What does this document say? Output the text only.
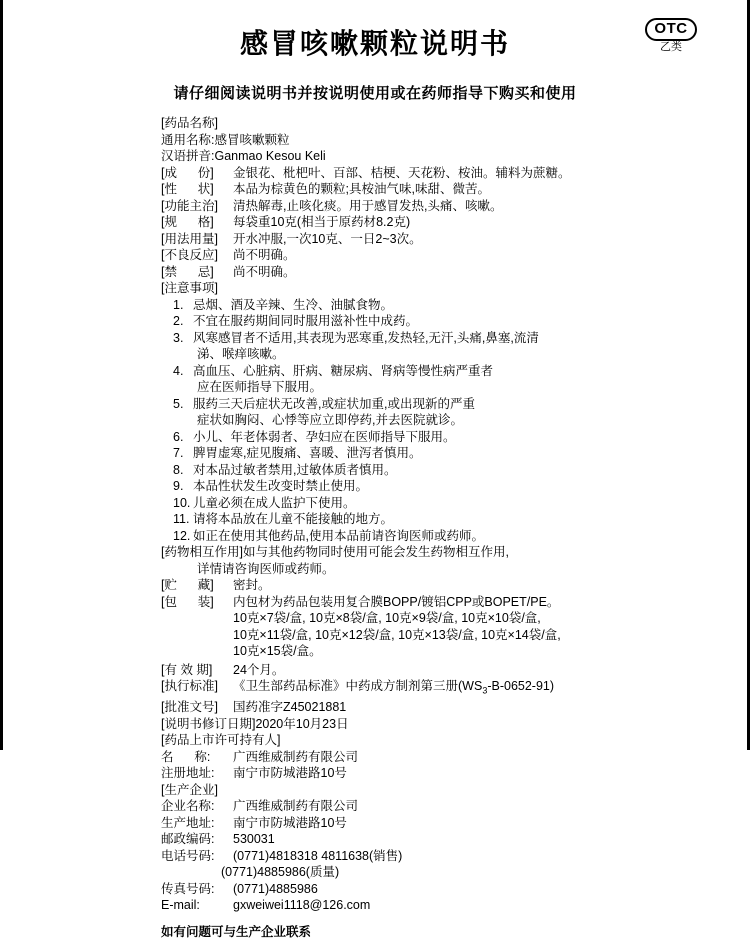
OTC
乙类
感冒咳嗽颗粒说明书
请仔细阅读说明书并按说明使用或在药师指导下购买和使用
[药品名称]
通用名称: 感冒咳嗽颗粒
汉语拼音: Ganmao Kesou Keli
[成      份]	金银花、枇杷叶、百部、桔梗、天花粉、桉油。辅料为蔗糖。
[性      状]	本品为棕黄色的颗粒;具桉油气味,味甜、微苦。
[功能主治]	清热解毒,止咳化痰。用于感冒发热,头痛、咳嗽。
[规      格]	每袋重10克(相当于原药材8.2克)
[用法用量]	开水冲服,一次10克、一日2~3次。
[不良反应]	尚不明确。
[禁      忌]	尚不明确。
[注意事项]
1. 忌烟、酒及辛辣、生冷、油腻食物。
2. 不宜在服药期间同时服用滋补性中成药。
3. 风寒感冒者不适用,其表现为恶寒重,发热轻,无汗,头痛,鼻塞,流清
涕、喉痒咳嗽。
4. 高血压、心脏病、肝病、糖尿病、肾病等慢性病严重者
应在医师指导下服用。
5. 服药三天后症状无改善,或症状加重,或出现新的严重
症状如胸闷、心悸等应立即停药,并去医院就诊。
6. 小儿、年老体弱者、孕妇应在医师指导下服用。
7. 脾胃虚寒,症见腹痛、喜暖、泄泻者慎用。
8. 对本品过敏者禁用,过敏体质者慎用。
9. 本品性状发生改变时禁止使用。
10. 儿童必须在成人监护下使用。
11. 请将本品放在儿童不能接触的地方。
12. 如正在使用其他药品,使用本品前请咨询医师或药师。
[药物相互作用] 如与其他药物同时使用可能会发生药物相互作用,
详情请咨询医师或药师。
[贮      藏]	密封。
[包      装]	内包材为药品包装用复合膜BOPP/镀铝CPP或BOPET/PE。
10克×7袋/盒, 10克×8袋/盒, 10克×9袋/盒, 10克×10袋/盒,
10克×11袋/盒, 10克×12袋/盒, 10克×13袋/盒, 10克×14袋/盒,
10克×15袋/盒。
[有 效 期]	24个月。
[执行标准]	《卫生部药品标准》中药成方制剂第三册$(WS_3-B-0652-91)$
[批准文号]	国药准字Z45021881
[说明书修订日期] 2020年10月23日
[药品上市许可持有人]
名      称:	广西维威制药有限公司
注册地址:	南宁市防城港路10号
[生产企业]
企业名称:	广西维威制药有限公司
生产地址:	南宁市防城港路10号
邮政编码:	530031
电话号码:	(0771)4818318 4811638(销售)
(0771)4885986(质量)
传真号码:	(0771)4885986
E-mail:	gxweiwei1118@126.com
如有问题可与生产企业联系
